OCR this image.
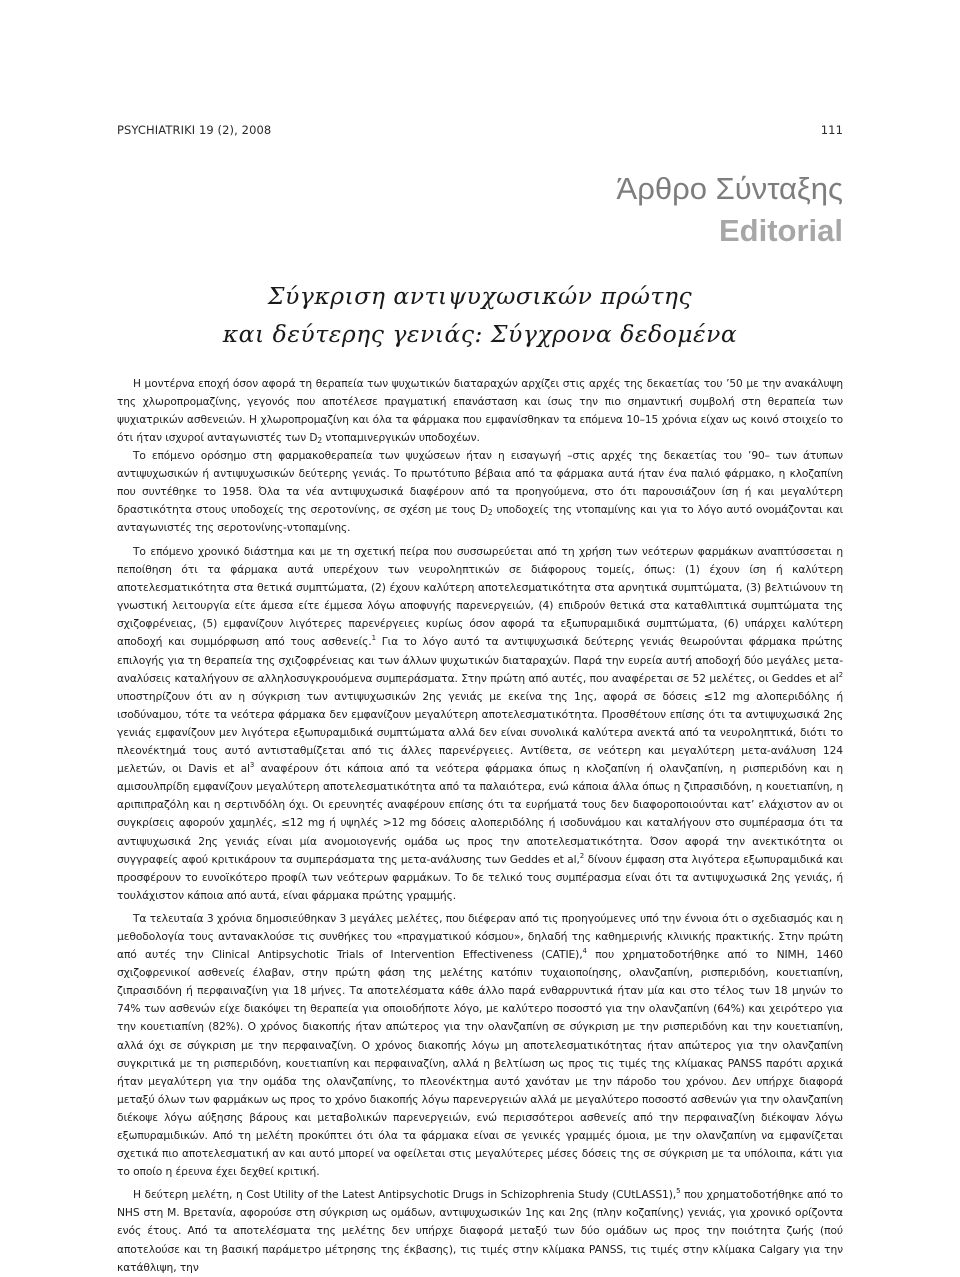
PSYCHIATRIKI 19 (2), 2008	111
Άρθρο Σύνταξης
Editorial
Σύγκριση αντιψυχωσικών πρώτης
και δεύτερης γενιάς: Σύγχρονα δεδομένα

Η μοντέρνα εποχή όσον αφορά τη θεραπεία των ψυχωτικών διαταραχών αρχίζει στις αρχές της δεκαετίας του ’50 με την ανακάλυψη της χλωροπρομαζίνης, γεγονός που αποτέλεσε πραγματική επανάσταση και ίσως την πιο σημαντική συμβολή στη θεραπεία των ψυχιατρικών ασθενειών. Η χλωροπρομαζίνη και όλα τα φάρμακα που εμφανίσθηκαν τα επόμενα 10–15 χρόνια είχαν ως κοινό στοιχείο το ότι ήταν ισχυροί ανταγωνιστές των $D_2$ ντοπαμινεργικών υποδοχέων.

Το επόμενο ορόσημο στη φαρμακοθεραπεία των ψυχώσεων ήταν η εισαγωγή –στις αρχές της δεκαετίας του ’90– των άτυπων αντιψυχωσικών ή αντιψυχωσικών δεύτερης γενιάς. Το πρωτότυπο βέβαια από τα φάρμακα αυτά ήταν ένα παλιό φάρμακο, η κλοζαπίνη που συντέθηκε το 1958. Όλα τα νέα αντιψυχωσικά διαφέρουν από τα προηγούμενα, στο ότι παρουσιάζουν ίση ή και μεγαλύτερη δραστικότητα στους υποδοχείς της σεροτονίνης, σε σχέση με τους $D_2$ υποδοχείς της ντοπαμίνης και για το λόγο αυτό ονομάζονται και ανταγωνιστές της σεροτονίνης-ντοπαμίνης.

Το επόμενο χρονικό διάστημα και με τη σχετική πείρα που συσσωρεύεται από τη χρήση των νεότερων φαρμάκων αναπτύσσεται η πεποίθηση ότι τα φάρμακα αυτά υπερέχουν των νευροληπτικών σε διάφορους τομείς, όπως: (1) έχουν ίση ή καλύτερη αποτελεσματικότητα στα θετικά συμπτώματα, (2) έχουν καλύτερη αποτελεσματικότητα στα αρνητικά συμπτώματα, (3) βελτιώνουν τη γνωστική λειτουργία είτε άμεσα είτε έμμεσα λόγω αποφυγής παρενεργειών, (4) επιδρούν θετικά στα καταθλιπτικά συμπτώματα της σχιζοφρένειας, (5) εμφανίζουν λιγότερες παρενέργειες κυρίως όσον αφορά τα εξωπυραμιδικά συμπτώματα, (6) υπάρχει καλύτερη αποδοχή και συμμόρφωση από τους ασθενείς.$^1$ Για το λόγο αυτό τα αντιψυχωσικά δεύτερης γενιάς θεωρούνται φάρμακα πρώτης επιλογής για τη θεραπεία της σχιζοφρένειας και των άλλων ψυχωτικών διαταραχών. Παρά την ευρεία αυτή αποδοχή δύο μεγάλες μετα-αναλύσεις καταλήγουν σε αλληλοσυγκρουόμενα συμπεράσματα. Στην πρώτη από αυτές, που αναφέρεται σε 52 μελέτες, οι Geddes et $al^2$ υποστηρίζουν ότι αν η σύγκριση των αντιψυχωσικών 2ης γενιάς με εκείνα της 1ης, αφορά σε δόσεις ≤12 mg αλοπεριδόλης ή ισοδύναμου, τότε τα νεότερα φάρμακα δεν εμφανίζουν μεγαλύτερη αποτελεσματικότητα. Προσθέτουν επίσης ότι τα αντιψυχωσικά 2ης γενιάς εμφανίζουν μεν λιγότερα εξωπυραμιδικά συμπτώματα αλλά δεν είναι συνολικά καλύτερα ανεκτά από τα νευροληπτικά, διότι το πλεονέκτημά τους αυτό αντισταθμίζεται από τις άλλες παρενέργειες. Αντίθετα, σε νεότερη και μεγαλύτερη μετα-ανάλυση 124 μελετών, οι Davis et $al^3$ αναφέρουν ότι κάποια από τα νεότερα φάρμακα όπως η κλοζαπίνη ή ολανζαπίνη, η ρισπεριδόνη και η αμισουλπρίδη εμφανίζουν μεγαλύτερη αποτελεσματικότητα από τα παλαιότερα, ενώ κάποια άλλα όπως η ζιπρασιδόνη, η κουετιαπίνη, η αριπιπραζόλη και η σερτινδόλη όχι. Οι ερευνητές αναφέρουν επίσης ότι τα ευρήματά τους δεν διαφοροποιούνται κατ’ ελάχιστον αν οι συγκρίσεις αφορούν χαμηλές, ≤12 mg ή υψηλές >12 mg δόσεις αλοπεριδόλης ή ισοδυνάμου και καταλήγουν στο συμπέρασμα ότι τα αντιψυχωσικά 2ης γενιάς είναι μία ανομοιογενής ομάδα ως προς την αποτελεσματικότητα. Όσον αφορά την ανεκτικότητα οι συγγραφείς αφού κριτικάρουν τα συμπεράσματα της μετα-ανάλυσης των Geddes et al,$^2$ δίνουν έμφαση στα λιγότερα εξωπυραμιδικά και προσφέρουν το ευνοϊκότερο προφίλ των νεότερων φαρμάκων. Το δε τελικό τους συμπέρασμα είναι ότι τα αντιψυχωσικά 2ης γενιάς, ή τουλάχιστον κάποια από αυτά, είναι φάρμακα πρώτης γραμμής.

Τα τελευταία 3 χρόνια δημοσιεύθηκαν 3 μεγάλες μελέτες, που διέφεραν από τις προηγούμενες υπό την έννοια ότι ο σχεδιασμός και η μεθοδολογία τους αντανακλούσε τις συνθήκες του «πραγματικού κόσμου», δηλαδή της καθημερινής κλινικής πρακτικής. Στην πρώτη από αυτές την Clinical Antipsychotic Trials of Intervention Effectiveness (CATIE),$^4$ που χρηματοδοτήθηκε από το NIMH, 1460 σχιζοφρενικοί ασθενείς έλαβαν, στην πρώτη φάση της μελέτης κατόπιν τυχαιοποίησης, ολανζαπίνη, ρισπεριδόνη, κουετιαπίνη, ζιπρασιδόνη ή περφαιναζίνη για 18 μήνες. Τα αποτελέσματα κάθε άλλο παρά ενθαρρυντικά ήταν μία και στο τέλος των 18 μηνών το 74% των ασθενών είχε διακόψει τη θεραπεία για οποιοδήποτε λόγο, με καλύτερο ποσοστό για την ολανζαπίνη (64%) και χειρότερο για την κουετιαπίνη (82%). Ο χρόνος διακοπής ήταν απώτερος για την ολανζαπίνη σε σύγκριση με την ρισπεριδόνη και την κουετιαπίνη, αλλά όχι σε σύγκριση με την περφαιναζίνη. Ο χρόνος διακοπής λόγω μη αποτελεσματικότητας ήταν απώτερος για την ολανζαπίνη συγκριτικά με τη ρισπεριδόνη, κουετιαπίνη και περφαιναζίνη, αλλά η βελτίωση ως προς τις τιμές της κλίμακας PANSS παρότι αρχικά ήταν μεγαλύτερη για την ομάδα της ολανζαπίνης, το πλεονέκτημα αυτό χανόταν με την πάροδο του χρόνου. Δεν υπήρχε διαφορά μεταξύ όλων των φαρμάκων ως προς το χρόνο διακοπής λόγω παρενεργειών αλλά με μεγαλύτερο ποσοστό ασθενών για την ολανζαπίνη διέκοψε λόγω αύξησης βάρους και μεταβολικών παρενεργειών, ενώ περισσότεροι ασθενείς από την περφαιναζίνη διέκοψαν λόγω εξωπυραμιδικών. Από τη μελέτη προκύπτει ότι όλα τα φάρμακα είναι σε γενικές γραμμές όμοια, με την ολανζαπίνη να εμφανίζεται σχετικά πιο αποτελεσματική αν και αυτό μπορεί να οφείλεται στις μεγαλύτερες μέσες δόσεις της σε σύγκριση με τα υπόλοιπα, κάτι για το οποίο η έρευνα έχει δεχθεί κριτική.

Η δεύτερη μελέτη, η Cost Utility of the Latest Antipsychotic Drugs in Schizophrenia Study (CUtLASS1),$^5$ που χρηματοδοτήθηκε από το NHS στη Μ. Βρετανία, αφορούσε στη σύγκριση ως ομάδων, αντιψυχωσικών 1ης και 2ης (πλην κοζαπίνης) γενιάς, για χρονικό ορίζοντα ενός έτους. Από τα αποτελέσματα της μελέτης δεν υπήρχε διαφορά μεταξύ των δύο ομάδων ως προς την ποιότητα ζωής (πού αποτελούσε και τη βασική παράμετρο μέτρησης της έκβασης), τις τιμές στην κλίμακα PANSS, τις τιμές στην κλίμακα Calgary για την κατάθλιψη, την
